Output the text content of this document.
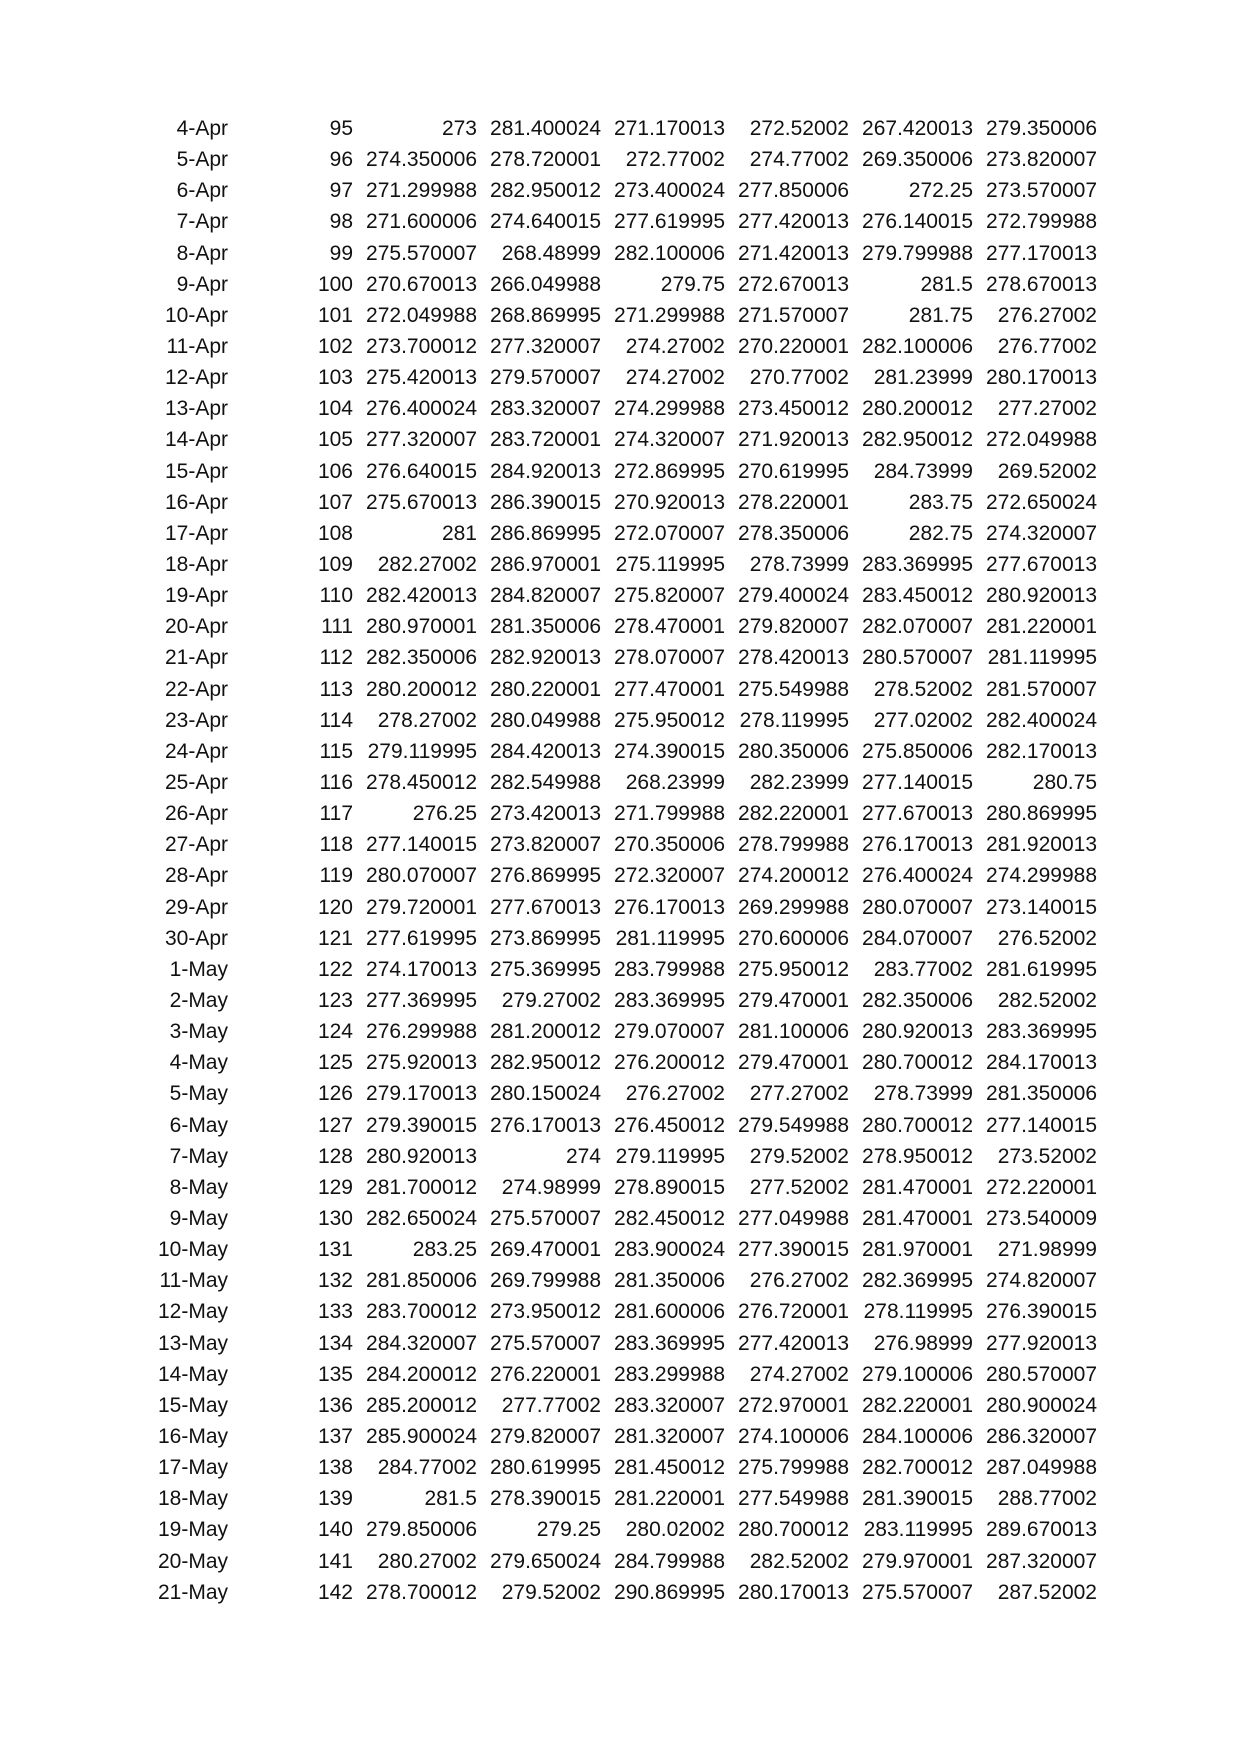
4-Apr	95	273	281.400024	271.170013	272.52002	267.420013	279.350006
5-Apr	96	274.350006	278.720001	272.77002	274.77002	269.350006	273.820007
6-Apr	97	271.299988	282.950012	273.400024	277.850006	272.25	273.570007
7-Apr	98	271.600006	274.640015	277.619995	277.420013	276.140015	272.799988
8-Apr	99	275.570007	268.48999	282.100006	271.420013	279.799988	277.170013
9-Apr	100	270.670013	266.049988	279.75	272.670013	281.5	278.670013
10-Apr	101	272.049988	268.869995	271.299988	271.570007	281.75	276.27002
11-Apr	102	273.700012	277.320007	274.27002	270.220001	282.100006	276.77002
12-Apr	103	275.420013	279.570007	274.27002	270.77002	281.23999	280.170013
13-Apr	104	276.400024	283.320007	274.299988	273.450012	280.200012	277.27002
14-Apr	105	277.320007	283.720001	274.320007	271.920013	282.950012	272.049988
15-Apr	106	276.640015	284.920013	272.869995	270.619995	284.73999	269.52002
16-Apr	107	275.670013	286.390015	270.920013	278.220001	283.75	272.650024
17-Apr	108	281	286.869995	272.070007	278.350006	282.75	274.320007
18-Apr	109	282.27002	286.970001	275.119995	278.73999	283.369995	277.670013
19-Apr	110	282.420013	284.820007	275.820007	279.400024	283.450012	280.920013
20-Apr	111	280.970001	281.350006	278.470001	279.820007	282.070007	281.220001
21-Apr	112	282.350006	282.920013	278.070007	278.420013	280.570007	281.119995
22-Apr	113	280.200012	280.220001	277.470001	275.549988	278.52002	281.570007
23-Apr	114	278.27002	280.049988	275.950012	278.119995	277.02002	282.400024
24-Apr	115	279.119995	284.420013	274.390015	280.350006	275.850006	282.170013
25-Apr	116	278.450012	282.549988	268.23999	282.23999	277.140015	280.75
26-Apr	117	276.25	273.420013	271.799988	282.220001	277.670013	280.869995
27-Apr	118	277.140015	273.820007	270.350006	278.799988	276.170013	281.920013
28-Apr	119	280.070007	276.869995	272.320007	274.200012	276.400024	274.299988
29-Apr	120	279.720001	277.670013	276.170013	269.299988	280.070007	273.140015
30-Apr	121	277.619995	273.869995	281.119995	270.600006	284.070007	276.52002
1-May	122	274.170013	275.369995	283.799988	275.950012	283.77002	281.619995
2-May	123	277.369995	279.27002	283.369995	279.470001	282.350006	282.52002
3-May	124	276.299988	281.200012	279.070007	281.100006	280.920013	283.369995
4-May	125	275.920013	282.950012	276.200012	279.470001	280.700012	284.170013
5-May	126	279.170013	280.150024	276.27002	277.27002	278.73999	281.350006
6-May	127	279.390015	276.170013	276.450012	279.549988	280.700012	277.140015
7-May	128	280.920013	274	279.119995	279.52002	278.950012	273.52002
8-May	129	281.700012	274.98999	278.890015	277.52002	281.470001	272.220001
9-May	130	282.650024	275.570007	282.450012	277.049988	281.470001	273.540009
10-May	131	283.25	269.470001	283.900024	277.390015	281.970001	271.98999
11-May	132	281.850006	269.799988	281.350006	276.27002	282.369995	274.820007
12-May	133	283.700012	273.950012	281.600006	276.720001	278.119995	276.390015
13-May	134	284.320007	275.570007	283.369995	277.420013	276.98999	277.920013
14-May	135	284.200012	276.220001	283.299988	274.27002	279.100006	280.570007
15-May	136	285.200012	277.77002	283.320007	272.970001	282.220001	280.900024
16-May	137	285.900024	279.820007	281.320007	274.100006	284.100006	286.320007
17-May	138	284.77002	280.619995	281.450012	275.799988	282.700012	287.049988
18-May	139	281.5	278.390015	281.220001	277.549988	281.390015	288.77002
19-May	140	279.850006	279.25	280.02002	280.700012	283.119995	289.670013
20-May	141	280.27002	279.650024	284.799988	282.52002	279.970001	287.320007
21-May	142	278.700012	279.52002	290.869995	280.170013	275.570007	287.52002
